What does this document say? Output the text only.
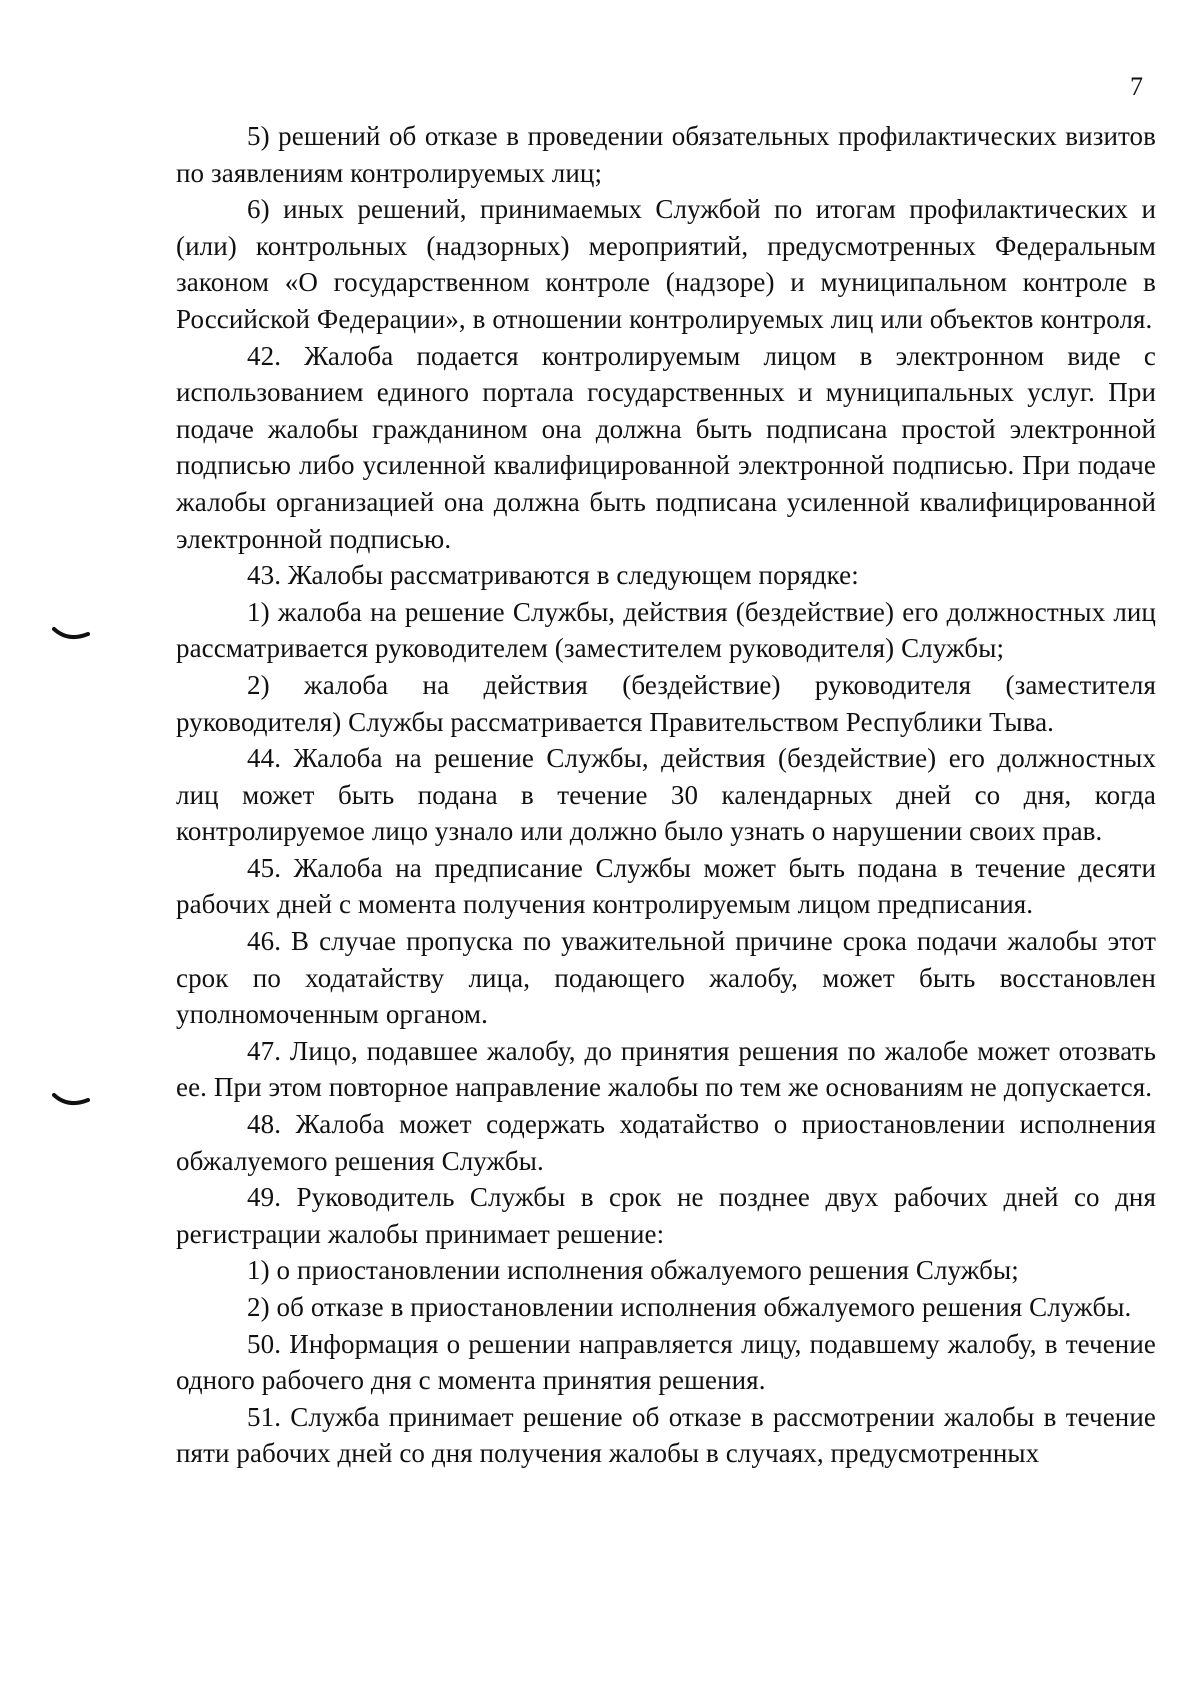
7

5) решений об отказе в проведении обязательных профилактических визитов по заявлениям контролируемых лиц;

6) иных решений, принимаемых Службой по итогам профилактических и (или) контрольных (надзорных) мероприятий, предусмотренных Федеральным законом «О государственном контроле (надзоре) и муниципальном контроле в Российской Федерации», в отношении контролируемых лиц или объектов контроля.

42. Жалоба подается контролируемым лицом в электронном виде с использованием единого портала государственных и муниципальных услуг. При подаче жалобы гражданином она должна быть подписана простой электронной подписью либо усиленной квалифицированной электронной подписью. При подаче жалобы организацией она должна быть подписана усиленной квалифицированной электронной подписью.

43. Жалобы рассматриваются в следующем порядке:

1) жалоба на решение Службы, действия (бездействие) его должностных лиц рассматривается руководителем (заместителем руководителя) Службы;

2) жалоба на действия (бездействие) руководителя (заместителя руководителя) Службы рассматривается Правительством Республики Тыва.

44. Жалоба на решение Службы, действия (бездействие) его должностных лиц может быть подана в течение 30 календарных дней со дня, когда контролируемое лицо узнало или должно было узнать о нарушении своих прав.

45. Жалоба на предписание Службы может быть подана в течение десяти рабочих дней с момента получения контролируемым лицом предписания.

46. В случае пропуска по уважительной причине срока подачи жалобы этот срок по ходатайству лица, подающего жалобу, может быть восстановлен уполномоченным органом.

47. Лицо, подавшее жалобу, до принятия решения по жалобе может отозвать ее. При этом повторное направление жалобы по тем же основаниям не допускается.

48. Жалоба может содержать ходатайство о приостановлении исполнения обжалуемого решения Службы.

49. Руководитель Службы в срок не позднее двух рабочих дней со дня регистрации жалобы принимает решение:

1) о приостановлении исполнения обжалуемого решения Службы;

2) об отказе в приостановлении исполнения обжалуемого решения Службы.

50. Информация о решении направляется лицу, подавшему жалобу, в течение одного рабочего дня с момента принятия решения.

51. Служба принимает решение об отказе в рассмотрении жалобы в течение пяти рабочих дней со дня получения жалобы в случаях, предусмотренных
